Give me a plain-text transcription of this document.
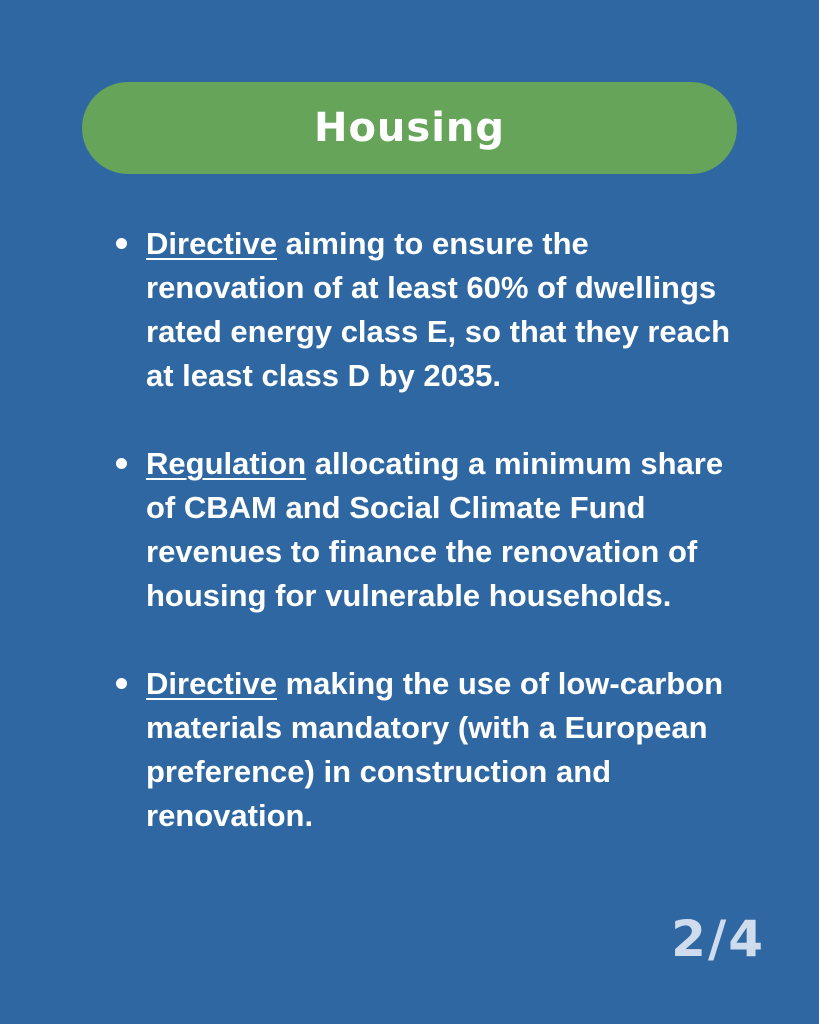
Housing
Directive aiming to ensure the renovation of at least 60% of dwellings rated energy class E, so that they reach at least class D by 2035.
Regulation allocating a minimum share of CBAM and Social Climate Fund revenues to finance the renovation of housing for vulnerable households.
Directive making the use of low-carbon materials mandatory (with a European preference) in construction and renovation.
2/4
